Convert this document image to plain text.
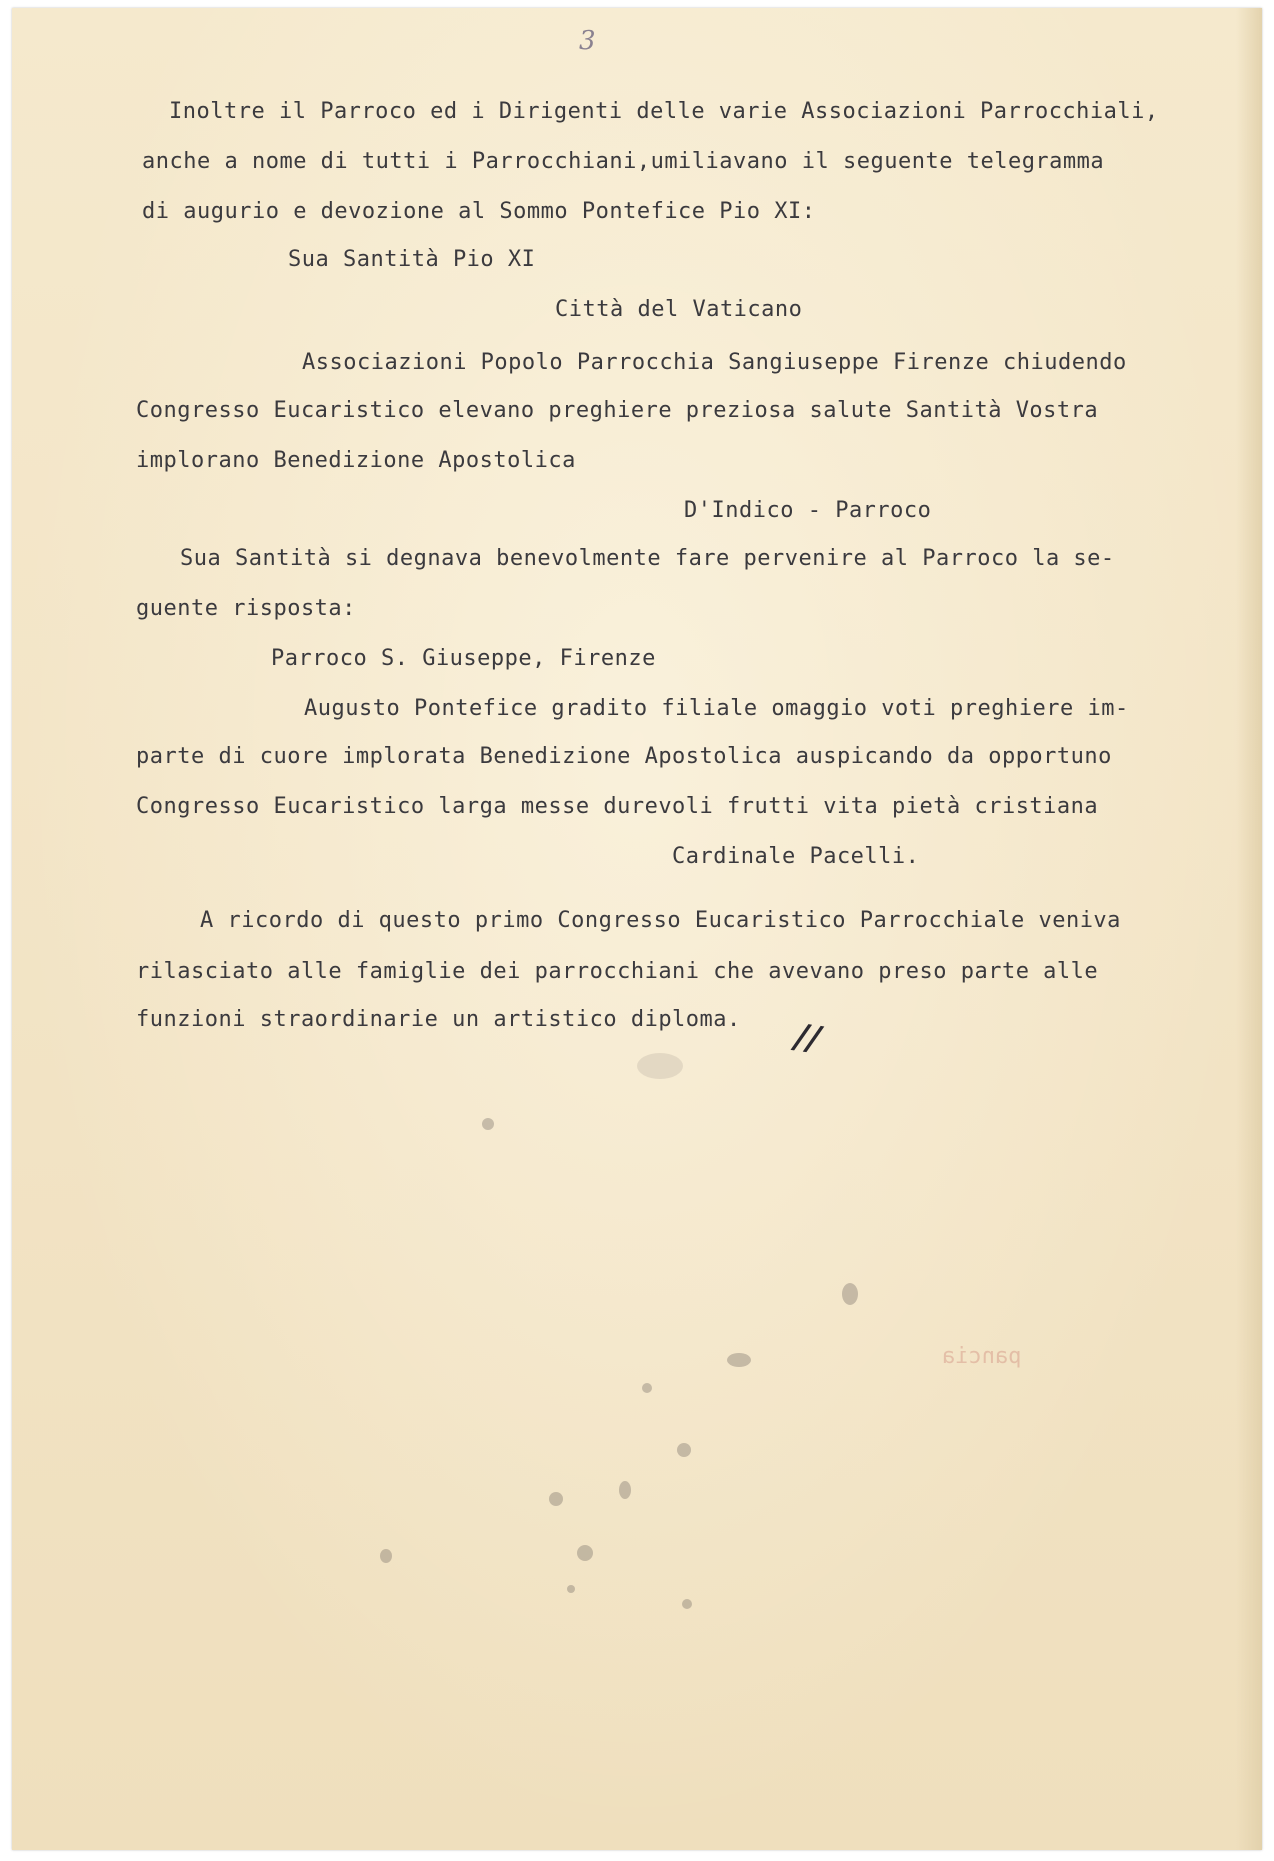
3
Inoltre il Parroco ed i Dirigenti delle varie Associazioni Parrocchiali,
anche a nome di tutti i Parrocchiani,umiliavano il seguente telegramma
di augurio e devozione al Sommo Pontefice Pio XI:
Sua Santità Pio XI
Città del Vaticano
Associazioni Popolo Parrocchia Sangiuseppe Firenze chiudendo
Congresso Eucaristico elevano preghiere preziosa salute Santità Vostra
implorano Benedizione Apostolica
D'Indico - Parroco
Sua Santità si degnava benevolmente fare pervenire al Parroco la se-
guente risposta:
Parroco S. Giuseppe, Firenze
Augusto Pontefice gradito filiale omaggio voti preghiere im-
parte di cuore implorata Benedizione Apostolica auspicando da opportuno
Congresso Eucaristico larga messe durevoli frutti vita pietà cristiana
Cardinale Pacelli.
A ricordo di questo primo Congresso Eucaristico Parrocchiale veniva
rilasciato alle famiglie dei parrocchiani che avevano preso parte alle
funzioni straordinarie un artistico diploma. //
pancia
